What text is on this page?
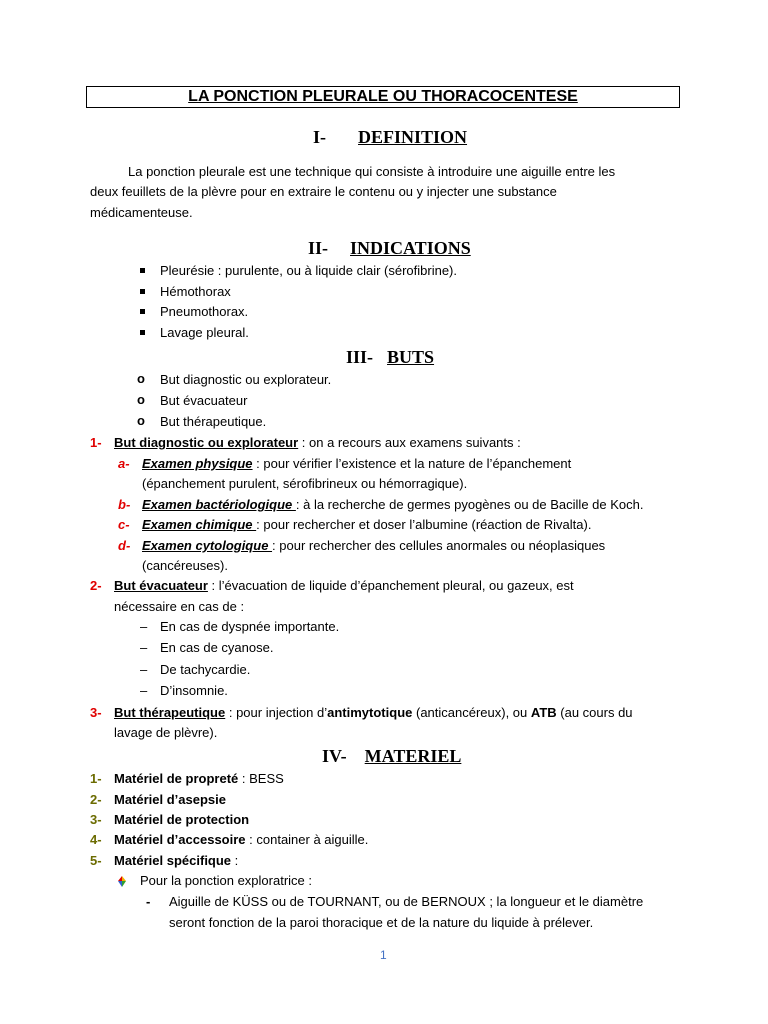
LA PONCTION PLEURALE OU THORACOCENTESE
I- DEFINITION
La ponction pleurale est une technique qui consiste à introduire une aiguille entre les
deux feuillets de la plèvre pour en extraire le contenu ou y injecter une substance
médicamenteuse.
II- INDICATIONS
Pleurésie : purulente, ou à liquide clair (sérofibrine).
Hémothorax
Pneumothorax.
Lavage pleural.
III- BUTS
o But diagnostic ou explorateur.
o But évacuateur
o But thérapeutique.
1- But diagnostic ou explorateur : on a recours aux examens suivants :
a- Examen physique : pour vérifier l’existence et la nature de l’épanchement
(épanchement purulent, sérofibrineux ou hémorragique).
b- Examen bactériologique : à la recherche de germes pyogènes ou de Bacille de Koch.
c- Examen chimique : pour rechercher et doser l’albumine (réaction de Rivalta).
d- Examen cytologique : pour rechercher des cellules anormales ou néoplasiques
(cancéreuses).
2- But évacuateur : l’évacuation de liquide d’épanchement pleural, ou gazeux, est
nécessaire en cas de :
– En cas de dyspnée importante.
– En cas de cyanose.
– De tachycardie.
– D’insomnie.
3- But thérapeutique : pour injection d’antimytotique (anticancéreux), ou ATB (au cours du
lavage de plèvre).
IV- MATERIEL
1- Matériel de propreté : BESS
2- Matériel d’asepsie
3- Matériel de protection
4- Matériel d’accessoire : container à aiguille.
5- Matériel spécifique :
Pour la ponction exploratrice :
- Aiguille de KÜSS ou de TOURNANT, ou de BERNOUX ; la longueur et le diamètre
seront fonction de la paroi thoracique et de la nature du liquide à prélever.
1
